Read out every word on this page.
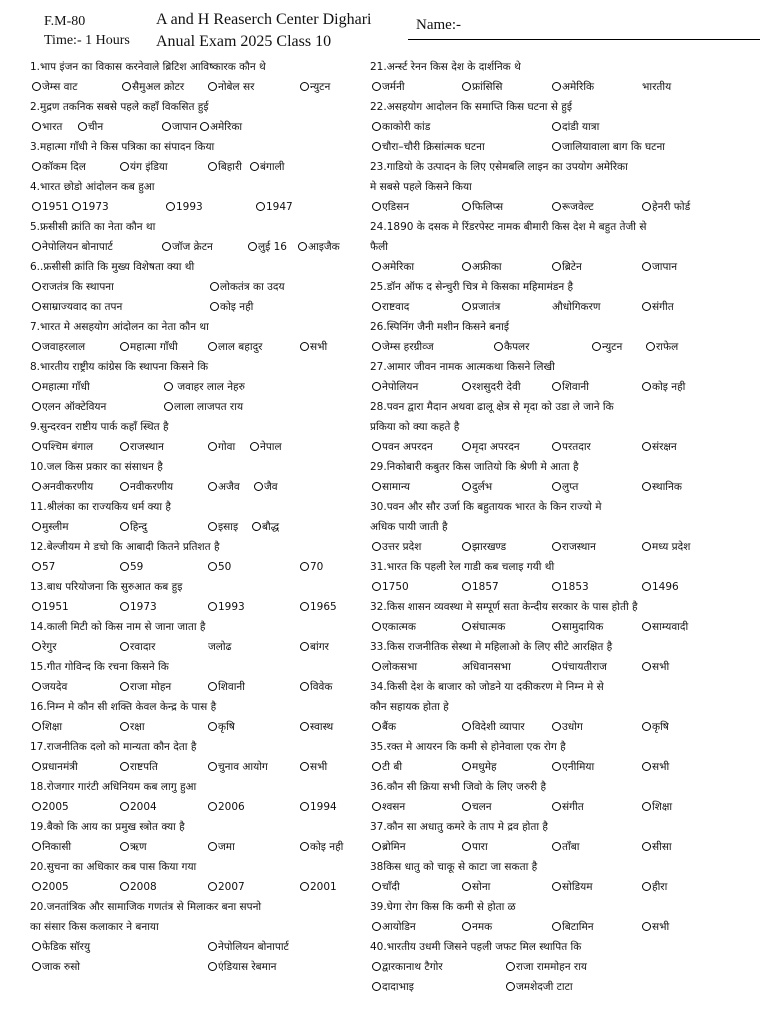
F.M-80
Time:- 1 Hours
A and H Reaserch Center Dighari
Anual Exam 2025 Class 10
Name:-
1.भाप इंजन का विकास करनेवाले ब्रिटिश आविष्कारक कौन थे
जेम्स वाट	सैमुअल क्रोटर	नोबेल सर	न्युटन
2.मुद्रण तकनिक सबसे पहले कहाँ विकसित हुई
भारत	चीन	जापान	अमेरिका
3.महात्मा गाँधी ने किस पत्रिका का संपादन किया
कॉकम दिल	यंग इंडिया	बिहारी	बंगाली
4.भारत छोडो आंदोलन कब हुआ
1951	1973	1993	1947
5.फ्रसीसी क्रांति का नेता कौन था
नेपोलियन बोनापार्ट	जॉज क्रेटन	लुई 16	आइजैक
6..फ्रसीसी क्रांति कि मुख्य विशेषता क्या थी
राजतंत्र कि स्थापना	लोकतंत्र का उदय
साम्राज्यवाद का तपन	कोइ नही
7.भारत मे असहयोग आंदोलन का नेता कौन था
जवाहरलाल	महात्मा गाँधी	लाल बहादुर	सभी
8.भारतीय राष्ट्रीय कांग्रेस कि स्थापना किसने कि
महात्मा गाँधी	जवाहर लाल नेहरु
एलन ऑक्टेवियन	लाला लाजपत राय
9.सुन्दरवन राष्टीय पार्क कहाँ स्थित है
पश्चिम बंगाल	राजस्थान	गोवा	नेपाल
10.जल किस प्रकार का संसाधन है
अनवीकरणीय	नवीकरणीय	अजैव	जैव
11.श्रीलंका का राज्यकिय धर्म क्या है
मुस्लीम	हिन्दु	इसाइ	बौद्ध
12.बेल्जीयम मे डचो कि आबादी कितने प्रतिशत है
57	59	50	70
13.बाध परियोजना कि सुरुआत कब हुइ
1951	1973	1993	1965
14.काली मिटी को किस नाम से जाना जाता है
रेगुर	रवादार	जलोढ	बांगर
15.गीत गोविन्द कि रचना किसने कि
जयदेव	राजा मोहन	शिवानी	विवेक
16.निम्न मे कौन सी शक्ति केवल केन्द्र के पास है
शिक्षा	रक्षा	कृषि	स्वास्थ
17.राजनीतिक दलो को मान्यता कौन देता है
प्रधानमंत्री	राष्टपति	चुनाव आयोग	सभी
18.रोजगार गारंटी अधिनियम कब लागु हुआ
2005	2004	2006	1994
19.बैको कि आय का प्रमुख स्त्रोत क्या है
निकासी	ऋण	जमा	कोइ नही
20.सुचना का अधिकार कब पास किया गया
2005	2008	2007	2001
20.जनतांत्रिक और सामाजिक गणतंत्र से मिलाकर बना सपनो
का संसार किस कलाकार ने बनाया
फेडिक सॉरयु	नेपोलियन बोनापार्ट
जाक रुसो	एंडियास रेबमान
21.अर्न्स्ट रेनन किस देश के दार्शनिक थे
जर्मनी	फ्रांसिसि	अमेरिकि	भारतीय
22.असहयोग आदोलन कि समाप्ति किस घटना से हुई
काकोरी कांड	दांडी यात्रा
चौरा–चौरी क्रिसांत्मक घटना	जालियावाला बाग कि घटना
23.गाडियो के उत्पादन के लिए एसेमबलि लाइन का उपयोग अमेरिका
मे सबसे पहले किसने किया
एडिसन	फिलिप्स	रूजवेल्ट	हेनरी फोर्ड
24.1890 के दसक मे रिंडरपेस्ट नामक बीमारी किस देश मे बहुत तेजी से
फैली
अमेरिका	अफ्रीका	ब्रिटेन	जापान
25.डॉन ऑफ द सेन्चुरी चित्र मे किसका महिमामंडन है
राष्टवाद	प्रजातंत्र	औधोगिकरण	संगीत
26.स्पिनिंग जैनी मशीन किसने बनाई
जेम्स हरग्रीव्ज	कैपलर	न्युटन	राफेल
27.आमार जीवन नामक आत्मकथा किसने लिखी
नेपोलियन	रशसुदरी देवी	शिवानी	कोइ नही
28.पवन द्वारा मैदान अथवा ढालू क्षेत्र से मृदा को उडा ले जाने कि
प्रकिया को क्या कहते है
पवन अपरदन	मृदा अपरदन	परतदार	संरक्षन
29.निकोबारी कबुतर किस जातियो कि श्रेणी मे आता है
सामान्य	दुर्लभ	लुप्त	स्थानिक
30.पवन और सौर उर्जा कि बहुतायक भारत के किन राज्यो मे
अधिक पायी जाती है
उत्तर प्रदेश	झारखण्ड	राजस्थान	मध्य प्रदेश
31.भारत कि पहली रेल गाडी कब चलाइ गयी थी
1750	1857	1853	1496
32.किस शासन व्यवस्था मे सम्पूर्ण सता केन्दीय सरकार के पास होती है
एकात्मक	संघात्मक	सामुदायिक	साम्यवादी
33.किस राजनीतिक सेस्था मे महिलाओ के लिए सीटे आरक्षित है
लोकसभा	अधिवानसभा	पंचायतीराज	सभी
34.किसी देश के बाजार को जोडने या दकीकरण मे निम्न मे से
कौन सहायक होता हे
बैंक	विदेशी व्यापार	उधोग	कृषि
35.रक्त मे आयरन कि कमी से होनेवाला एक रोग है
टी बी	मधुमेह	एनीमिया	सभी
36.कौन सी क्रिया सभी जिवो के लिए जरुरी है
श्वसन	चलन	संगीत	शिक्षा
37.कौन सा अधातु कमरे के ताप मे द्रव होता है
ब्रोमिन	पारा	ताँबा	सीसा
38किस धातु को चाकू से काटा जा सकता है
चाँदी	सोना	सोडियम	हीरा
39.घेगा रोग किस कि कमी से होता ळ
आयोडिन	नमक	बिटामिन	सभी
40.भारतीय उधमी जिसने पहली जफट मिल स्थापित कि
द्वारकानाथ टैगोर	राजा राममोहन राय
दादाभाइ	जमशेदजी टाटा
